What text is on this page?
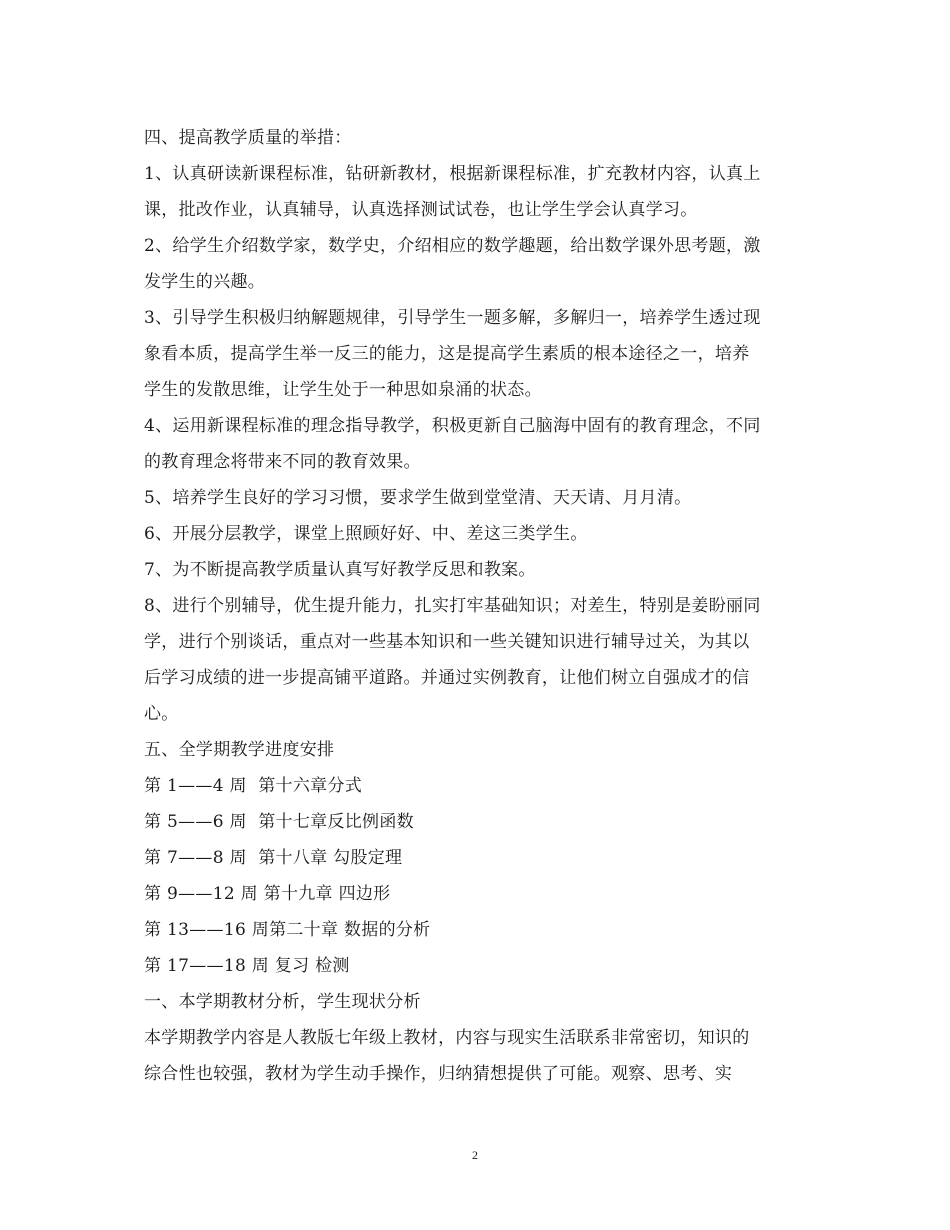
四、提高教学质量的举措：

1、认真研读新课程标准，钻研新教材，根据新课程标准，扩充教材内容，认真上

课，批改作业，认真辅导，认真选择测试试卷，也让学生学会认真学习。

2、给学生介绍数学家，数学史，介绍相应的数学趣题，给出数学课外思考题，激

发学生的兴趣。

3、引导学生积极归纳解题规律，引导学生一题多解，多解归一，培养学生透过现

象看本质，提高学生举一反三的能力，这是提高学生素质的根本途径之一，培养

学生的发散思维，让学生处于一种思如泉涌的状态。

4、运用新课程标准的理念指导教学，积极更新自己脑海中固有的教育理念，不同

的教育理念将带来不同的教育效果。

5、培养学生良好的学习习惯，要求学生做到堂堂清、天天请、月月清。

6、开展分层教学，课堂上照顾好好、中、差这三类学生。

7、为不断提高教学质量认真写好教学反思和教案。

8、进行个别辅导，优生提升能力，扎实打牢基础知识；对差生，特别是姜盼丽同

学，进行个别谈话，重点对一些基本知识和一些关键知识进行辅导过关，为其以

后学习成绩的进一步提高铺平道路。并通过实例教育，让他们树立自强成才的信

心。

五、全学期教学进度安排

第 1——4 周  第十六章分式

第 5——6 周  第十七章反比例函数

第 7——8 周  第十八章 勾股定理

第 9——12 周 第十九章 四边形

第 13——16 周第二十章 数据的分析

第 17——18 周 复习 检测

一、本学期教材分析，学生现状分析

本学期教学内容是人教版七年级上教材，内容与现实生活联系非常密切，知识的

综合性也较强，教材为学生动手操作，归纳猜想提供了可能。观察、思考、实

2
